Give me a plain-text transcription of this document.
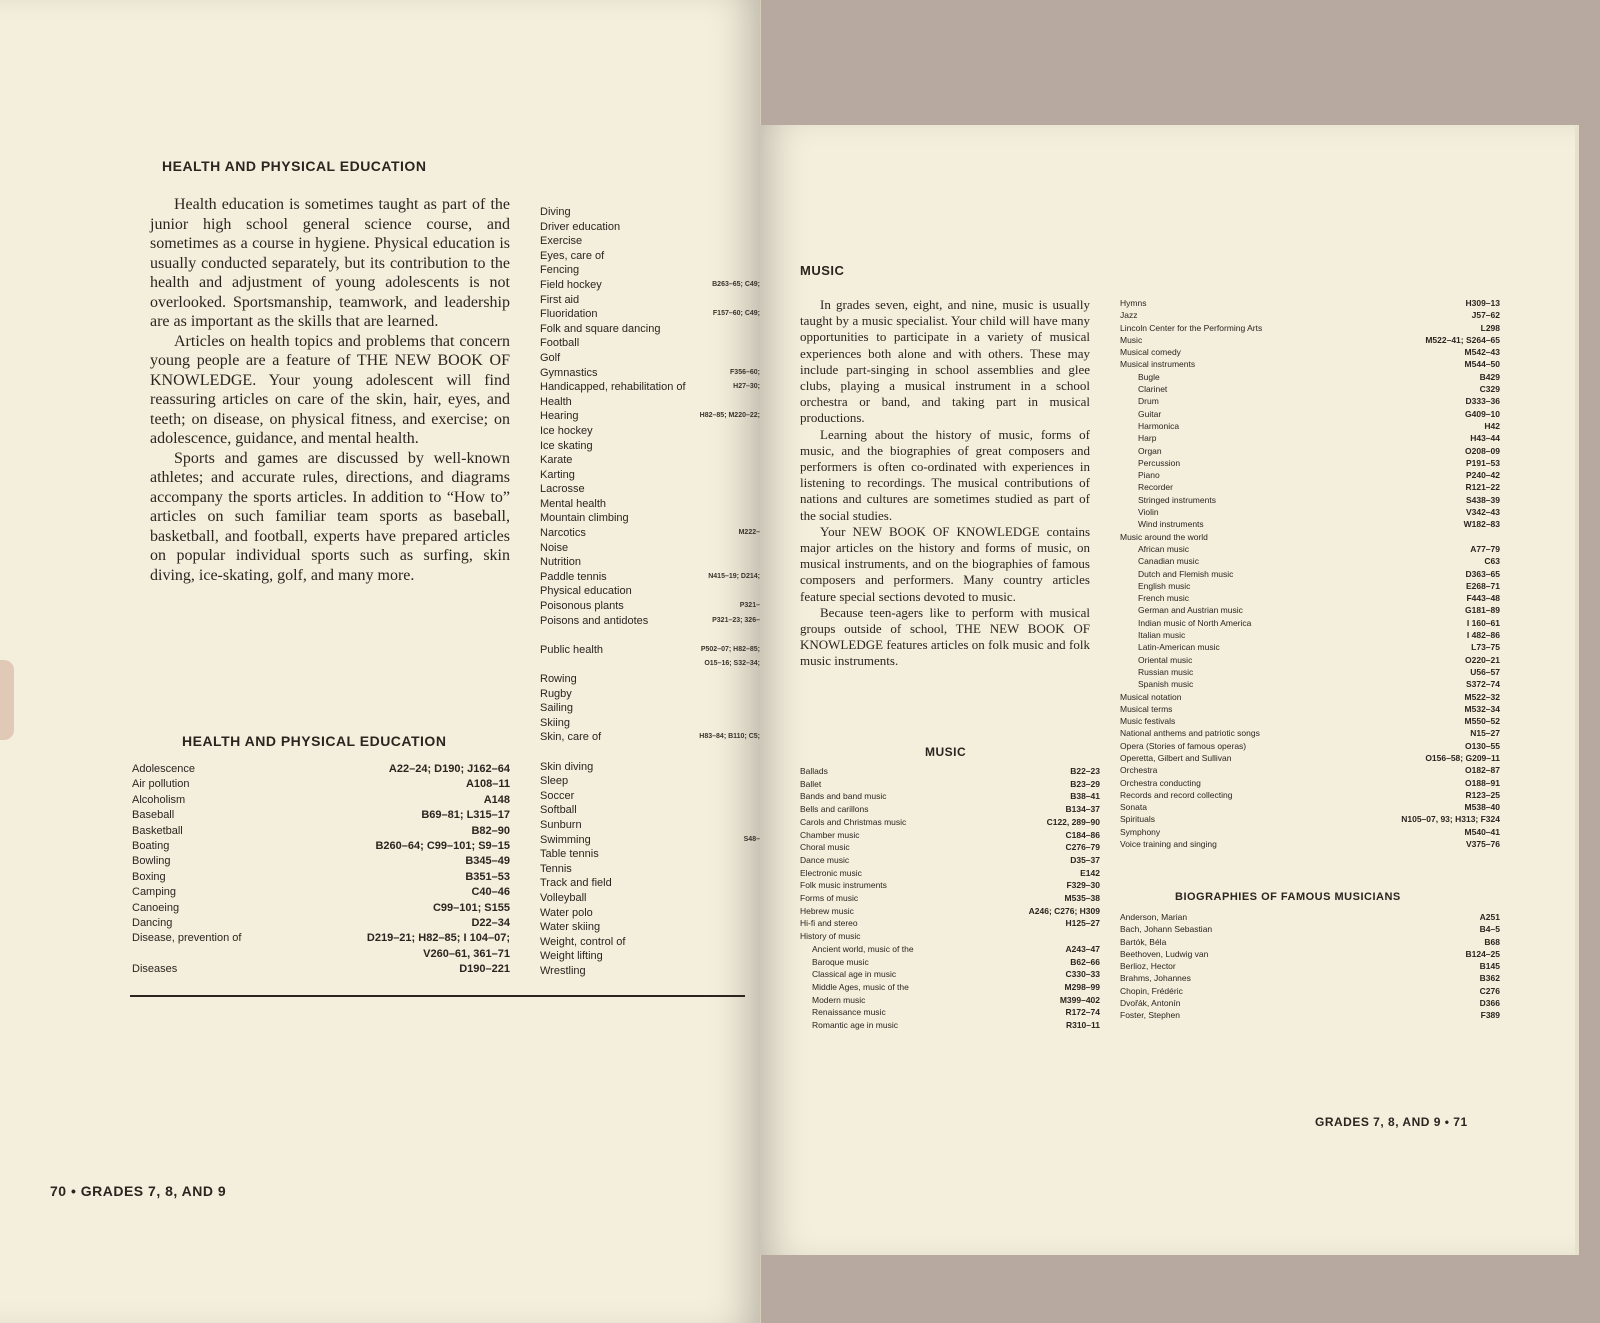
HEALTH AND PHYSICAL EDUCATION

Health education is sometimes taught as part of the junior high school general science course, and sometimes as a course in hygiene. Physical education is usually conducted separately, but its contribution to the health and adjustment of young adolescents is not overlooked. Sportsmanship, teamwork, and leadership are as important as the skills that are learned.

Articles on health topics and problems that concern young people are a feature of THE NEW BOOK OF KNOWLEDGE. Your young adolescent will find reassuring articles on care of the skin, hair, eyes, and teeth; on disease, on physical fitness, and exercise; on adolescence, guidance, and mental health.

Sports and games are discussed by well-known athletes; and accurate rules, directions, and diagrams accompany the sports articles. In addition to “How to” articles on such familiar team sports as baseball, basketball, and football, experts have prepared articles on popular individual sports such as surfing, skin diving, ice-skating, golf, and many more.

Diving
Driver education
Exercise
Eyes, care of
Fencing
Field hockey	B263–65; C49;
First aid
Fluoridation	F157–60; C49;
Folk and square dancing
Football
Golf
Gymnastics	F356–60;
Handicapped, rehabilitation of	H27–30;
Health
Hearing	H82–85; M220–22;
Ice hockey
Ice skating
Karate
Karting
Lacrosse
Mental health
Mountain climbing
Narcotics	M222–
Noise
Nutrition
Paddle tennis	N415–19; D214;
Physical education
Poisonous plants	P321–
Poisons and antidotes	P321–23; 326–

Public health	P502–07; H82–85;
O15–16; S32–34;
Rowing
Rugby
Sailing
Skiing
Skin, care of	H83–84; B110; C5;

Skin diving
Sleep
Soccer
Softball
Sunburn
Swimming	S48–
Table tennis
Tennis
Track and field
Volleyball
Water polo
Water skiing
Weight, control of
Weight lifting
Wrestling
HEALTH AND PHYSICAL EDUCATION
Adolescence	A22–24; D190; J162–64
Air pollution	A108–11
Alcoholism	A148
Baseball	B69–81; L315–17
Basketball	B82–90
Boating	B260–64; C99–101; S9–15
Bowling	B345–49
Boxing	B351–53
Camping	C40–46
Canoeing	C99–101; S155
Dancing	D22–34
Disease, prevention of	D219–21; H82–85; I 104–07;
V260–61, 361–71
Diseases	D190–221
70 • GRADES 7, 8, AND 9
MUSIC

In grades seven, eight, and nine, music is usually taught by a music specialist. Your child will have many opportunities to participate in a variety of musical experiences both alone and with others. These may include part-singing in school assemblies and glee clubs, playing a musical instrument in a school orchestra or band, and taking part in musical productions.

Learning about the history of music, forms of music, and the biographies of great composers and performers is often co-ordinated with experiences in listening to recordings. The musical contributions of nations and cultures are sometimes studied as part of the social studies.

Your NEW BOOK OF KNOWLEDGE contains major articles on the history and forms of music, on musical instruments, and on the biographies of famous composers and performers. Many country articles feature special sections devoted to music.

Because teen-agers like to perform with musical groups outside of school, THE NEW BOOK OF KNOWLEDGE features articles on folk music and folk music instruments.

MUSIC
Ballads	B22–23
Ballet	B23–29
Bands and band music	B38–41
Bells and carillons	B134–37
Carols and Christmas music	C122, 289–90
Chamber music	C184–86
Choral music	C276–79
Dance music	D35–37
Electronic music	E142
Folk music instruments	F329–30
Forms of music	M535–38
Hebrew music	A246; C276; H309
Hi-fi and stereo	H125–27
History of music
Ancient world, music of the	A243–47
Baroque music	B62–66
Classical age in music	C330–33
Middle Ages, music of the	M298–99
Modern music	M399–402
Renaissance music	R172–74
Romantic age in music	R310–11
Hymns	H309–13
Jazz	J57–62
Lincoln Center for the Performing Arts	L298
Music	M522–41; S264–65
Musical comedy	M542–43
Musical instruments	M544–50
Bugle	B429
Clarinet	C329
Drum	D333–36
Guitar	G409–10
Harmonica	H42
Harp	H43–44
Organ	O208–09
Percussion	P191–53
Piano	P240–42
Recorder	R121–22
Stringed instruments	S438–39
Violin	V342–43
Wind instruments	W182–83
Music around the world
African music	A77–79
Canadian music	C63
Dutch and Flemish music	D363–65
English music	E268–71
French music	F443–48
German and Austrian music	G181–89
Indian music of North America	I 160–61
Italian music	I 482–86
Latin-American music	L73–75
Oriental music	O220–21
Russian music	U56–57
Spanish music	S372–74
Musical notation	M522–32
Musical terms	M532–34
Music festivals	M550–52
National anthems and patriotic songs	N15–27
Opera (Stories of famous operas)	O130–55
Operetta, Gilbert and Sullivan	O156–58; G209–11
Orchestra	O182–87
Orchestra conducting	O188–91
Records and record collecting	R123–25
Sonata	M538–40
Spirituals	N105–07, 93; H313; F324
Symphony	M540–41
Voice training and singing	V375–76
BIOGRAPHIES OF FAMOUS MUSICIANS
Anderson, Marian	A251
Bach, Johann Sebastian	B4–5
Bartók, Béla	B68
Beethoven, Ludwig van	B124–25
Berlioz, Hector	B145
Brahms, Johannes	B362
Chopin, Frédéric	C276
Dvořák, Antonín	D366
Foster, Stephen	F389
GRADES 7, 8, AND 9 • 71
